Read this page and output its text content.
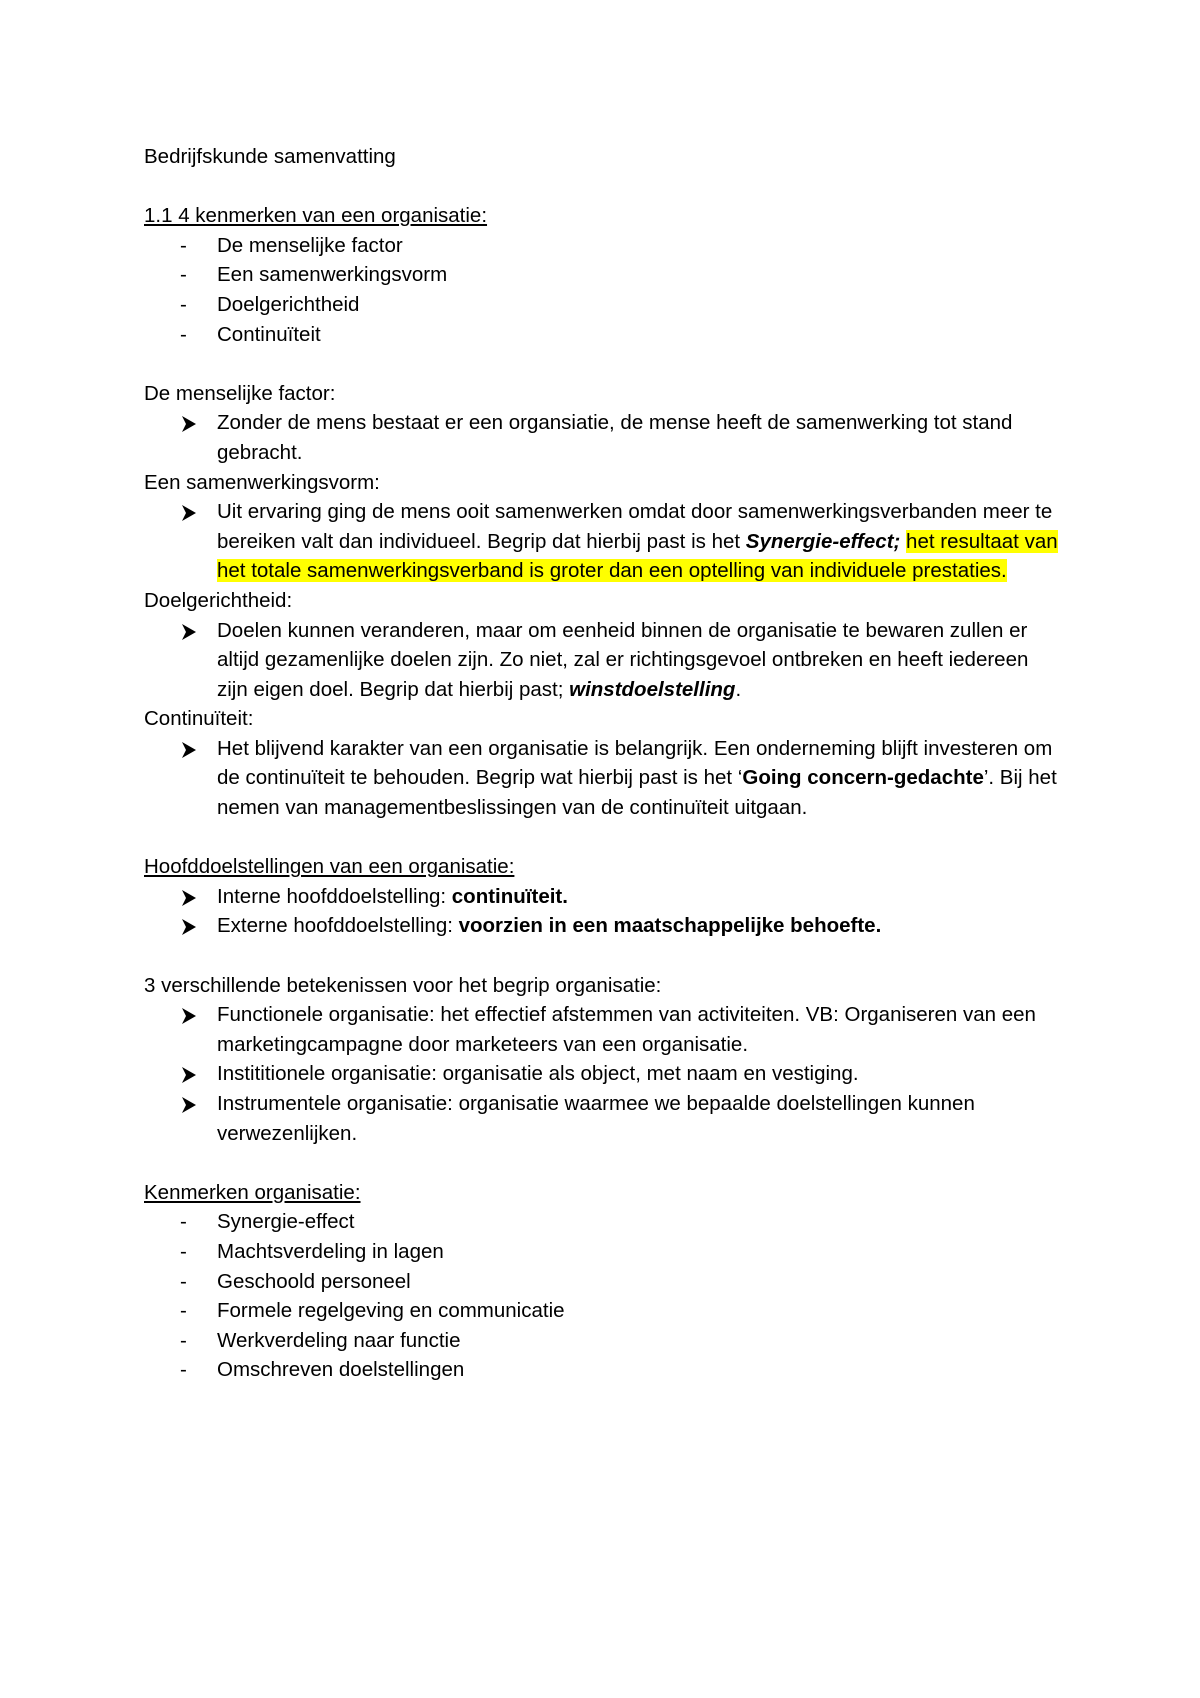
Bedrijfskunde samenvatting
1.1 4 kenmerken van een organisatie:
-	De menselijke factor
-	Een samenwerkingsvorm
-	Doelgerichtheid
-	Continuïteit
De menselijke factor:
Zonder de mens bestaat er een organsiatie, de mense heeft de samenwerking tot stand gebracht.
Een samenwerkingsvorm:
Uit ervaring ging de mens ooit samenwerken omdat door samenwerkingsverbanden meer te bereiken valt dan individueel. Begrip dat hierbij past is het Synergie-effect; het resultaat van het totale samenwerkingsverband is groter dan een optelling van individuele prestaties.
Doelgerichtheid:
Doelen kunnen veranderen, maar om eenheid binnen de organisatie te bewaren zullen er altijd gezamenlijke doelen zijn. Zo niet, zal er richtingsgevoel ontbreken en heeft iedereen zijn eigen doel. Begrip dat hierbij past; winstdoelstelling.
Continuïteit:
Het blijvend karakter van een organisatie is belangrijk. Een onderneming blijft investeren om de continuïteit te behouden. Begrip wat hierbij past is het ‘Going concern-gedachte’. Bij het nemen van managementbeslissingen van de continuïteit uitgaan.
Hoofddoelstellingen van een organisatie:
Interne hoofddoelstelling: continuïteit.
Externe hoofddoelstelling: voorzien in een maatschappelijke behoefte.
3 verschillende betekenissen voor het begrip organisatie:
Functionele organisatie: het effectief afstemmen van activiteiten. VB: Organiseren van een marketingcampagne door marketeers van een organisatie.
Instititionele organisatie: organisatie als object, met naam en vestiging.
Instrumentele organisatie: organisatie waarmee we bepaalde doelstellingen kunnen verwezenlijken.
Kenmerken organisatie:
-	Synergie-effect
-	Machtsverdeling in lagen
-	Geschoold personeel
-	Formele regelgeving en communicatie
-	Werkverdeling naar functie
-	Omschreven doelstellingen
